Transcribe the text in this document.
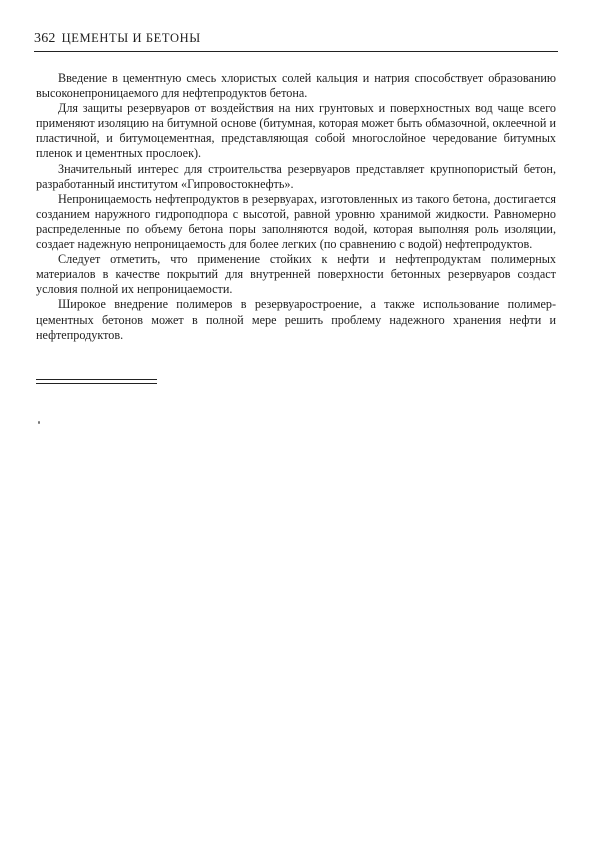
362 ЦЕМЕНТЫ И БЕТОНЫ

Введение в цементную смесь хлористых солей кальция и натрия способствует образованию высоконепроницаемого для нефтепродуктов бетона.

Для защиты резервуаров от воздействия на них грунтовых и поверхностных вод чаще всего применяют изоляцию на битумной основе (битумная, которая может быть обмазочной, оклеечной и пластичной, и битумоцементная, представляющая собой многослойное чередование битумных пленок и цементных прослоек).

Значительный интерес для строительства резервуаров представляет крупнопористый бетон, разработанный институтом «Гипровостокнефть».

Непроницаемость нефтепродуктов в резервуарах, изготовленных из такого бетона, достигается созданием наружного гидроподпора с высотой, равной уровню хранимой жидкости. Равномерно распределенные по объему бетона поры заполняются водой, которая выполняя роль изоляции, создает надежную непроницаемость для более легких (по сравнению с водой) нефтепродуктов.

Следует отметить, что применение стойких к нефти и нефтепродуктам полимерных материалов в качестве покрытий для внутренней поверхности бетонных резервуаров создаст условия полной их непроницаемости.

Широкое внедрение полимеров в резервуаростроение, а также использование полимер-цементных бетонов может в полной мере решить проблему надежного хранения нефти и нефтепродуктов.
